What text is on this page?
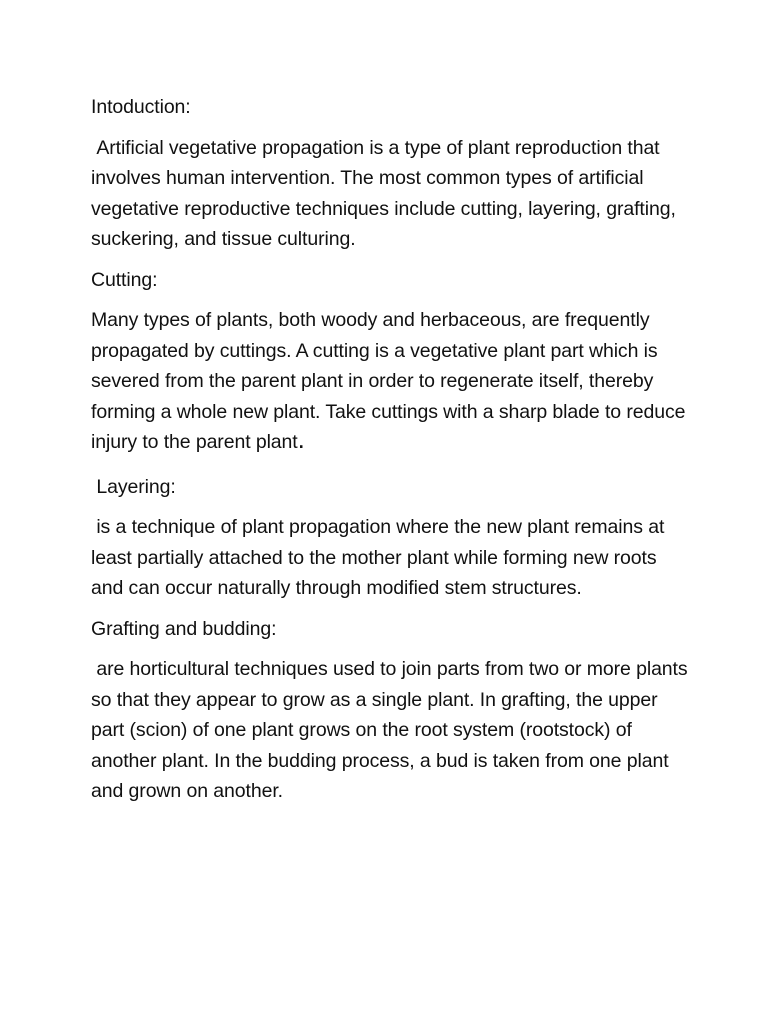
Intoduction:

Artificial vegetative propagation is a type of plant reproduction that involves human intervention. The most common types of artificial vegetative reproductive techniques include cutting, layering, grafting, suckering, and tissue culturing.

Cutting:

Many types of plants, both woody and herbaceous, are frequently propagated by cuttings. A cutting is a vegetative plant part which is severed from the parent plant in order to regenerate itself, thereby forming a whole new plant. Take cuttings with a sharp blade to reduce injury to the parent plant.

Layering:

is a technique of plant propagation where the new plant remains at least partially attached to the mother plant while forming new roots and can occur naturally through modified stem structures.

Grafting and budding:

are horticultural techniques used to join parts from two or more plants so that they appear to grow as a single plant. In grafting, the upper part (scion) of one plant grows on the root system (rootstock) of another plant. In the budding process, a bud is taken from one plant and grown on another.
